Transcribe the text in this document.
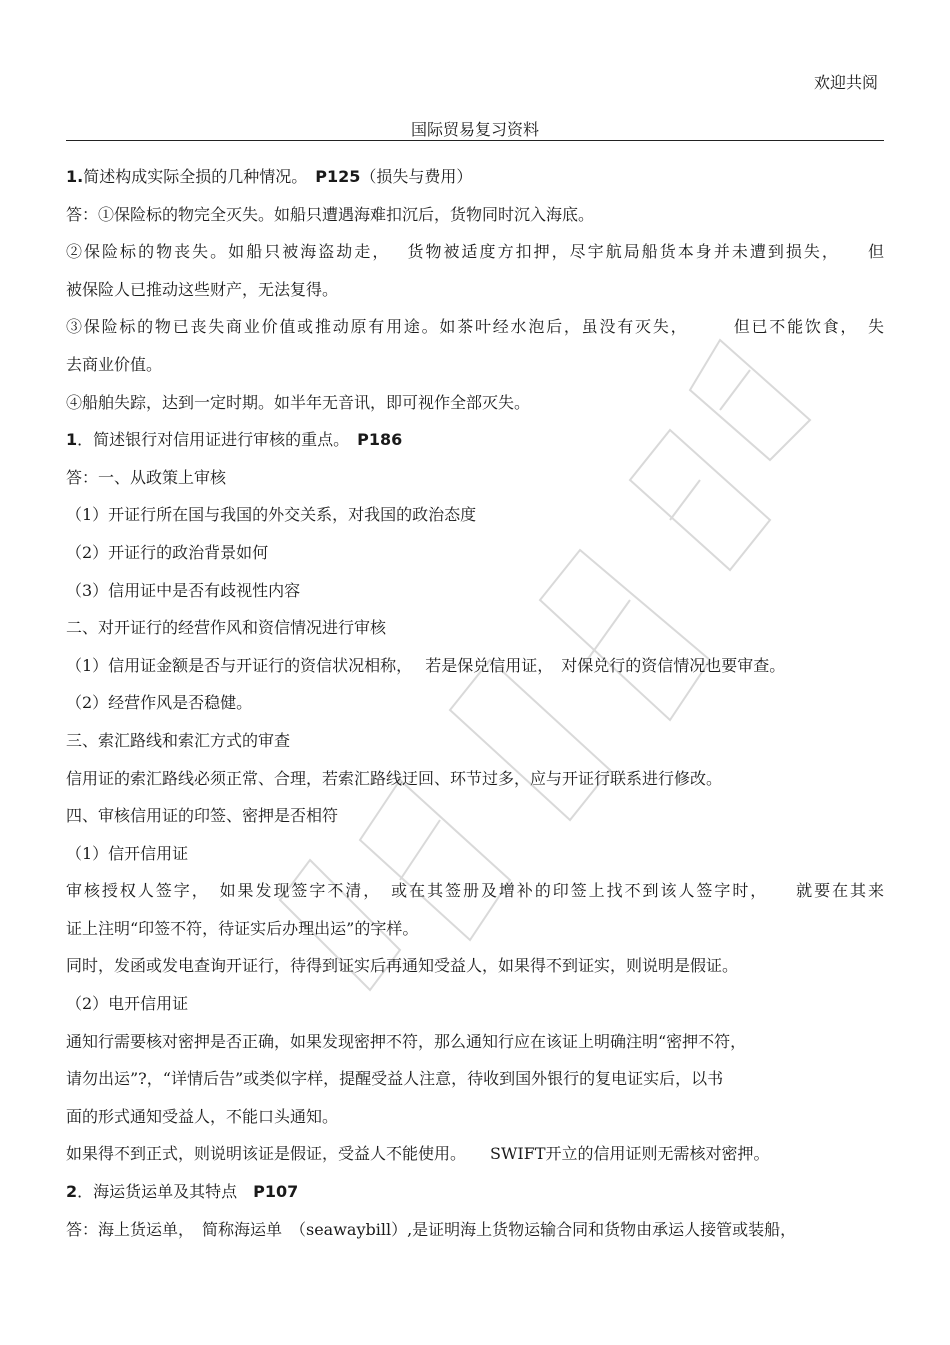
欢迎共阅
国际贸易复习资料
1.简述构成实际全损的几种情况。　P125（损失与费用）
答：①保险标的物完全灭失。如船只遭遇海难扣沉后，货物同时沉入海底。
②保险标的物丧失。如船只被海盗劫走，　 货物被适度方扣押，尽宇航局船货本身并未遭到损失，　　但
被保险人已推动这些财产，无法复得。
③保险标的物已丧失商业价值或推动原有用途。如茶叶经水泡后，虽没有灭失，　　　但已不能饮食，　失
去商业价值。
④船舶失踪，达到一定时期。如半年无音讯，即可视作全部灭失。
1．简述银行对信用证进行审核的重点。　P186
答：一、从政策上审核
（1）开证行所在国与我国的外交关系，对我国的政治态度
（2）开证行的政治背景如何
（3）信用证中是否有歧视性内容
二、对开证行的经营作风和资信情况进行审核
（1）信用证金额是否与开证行的资信状况相称，　 若是保兑信用证，　对保兑行的资信情况也要审查。
（2）经营作风是否稳健。
三、索汇路线和索汇方式的审查
信用证的索汇路线必须正常、合理，若索汇路线迂回、环节过多，应与开证行联系进行修改。
四、审核信用证的印签、密押是否相符
（1）信开信用证
审核授权人签字，　如果发现签字不清，　或在其签册及增补的印签上找不到该人签字时，　　就要在其来
证上注明“印签不符，待证实后办理出运”的字样。
同时，发函或发电查询开证行，待得到证实后再通知受益人，如果得不到证实，则说明是假证。
（2）电开信用证
通知行需要核对密押是否正确，如果发现密押不符，那么通知行应在该证上明确注明“密押不符，
请勿出运”?，“详情后告”或类似字样，提醒受益人注意，待收到国外银行的复电证实后，以书
面的形式通知受益人，不能口头通知。
如果得不到正式，则说明该证是假证，受益人不能使用。　　SWIFT开立的信用证则无需核对密押。
2．海运货运单及其特点　P107
答：海上货运单，　简称海运单　（seawaybill）,是证明海上货物运输合同和货物由承运人接管或装船，
